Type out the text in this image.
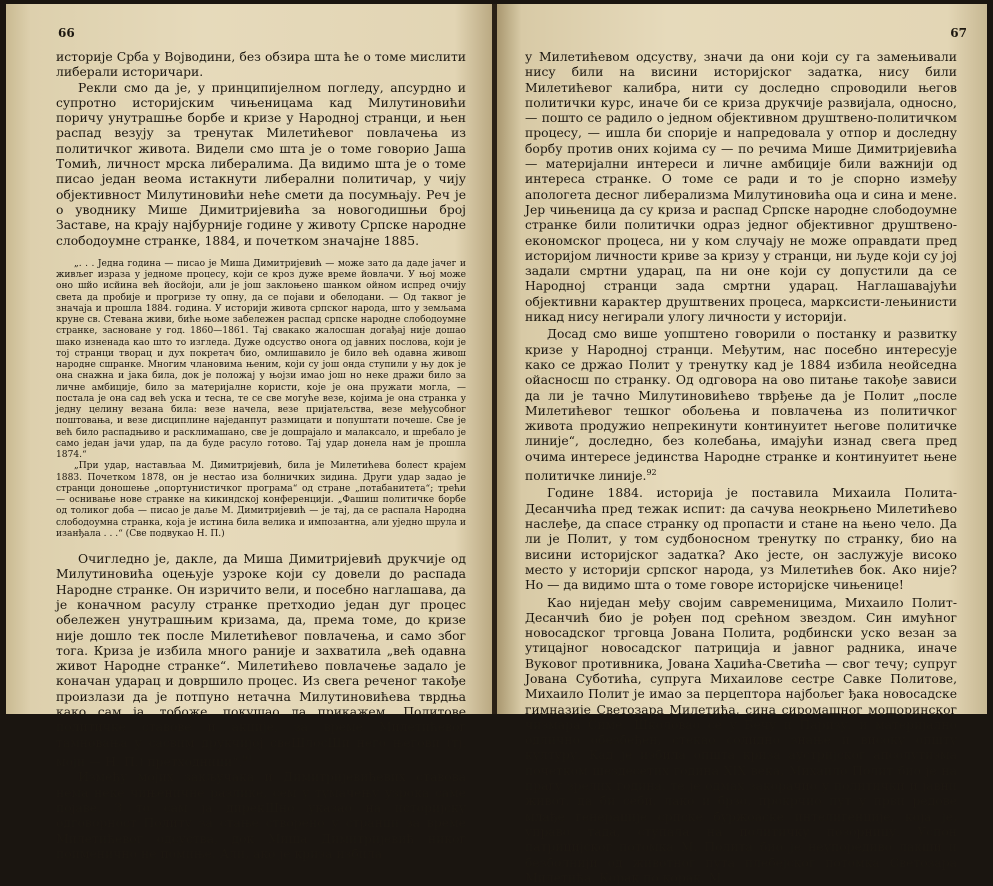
66

историје Срба у Војводини, без обзира шта ће о томе мислити либерали историчари.

Рекли смо да је, у принципијелном погледу, апсурдно и супротно историјским чињеницама кад Милутиновићи поричу унутрашње борбе и кризе у Народној странци, и њен распад везују за тренутак Милетићевог повлачења из политичког живота. Видели смо шта је о томе говорио Јаша Томић, личност мрска либералима. Да видимо шта је о томе писао један веома истакнути либерални политичар, у чију објективност Милутиновићи неће смети да посумњају. Реч је о уводнику Мише Димитријевића за новогодишњи број Заставе, на крају најбурније године у животу Српске народне слободоумне странке, 1884, и почетком значајне 1885.

„. . . Једна година — писао је Миша Димитријевић — може зато да даде јачег и живљег израза у једноме процесу, који се кроз дуже време йовлачи. У њој може оно шйо исйина већ йосйоји, али је још заклоњено шанком ойном испред очију света да пробије и прогризе ту опну, да се појави и обелодани. — Од таквог је значаја и прошла 1884. година. У историји живота српског народа, што у земљама круне св. Стевана живи, биће њоме забележен распад српске народне слободоумне странке, засноване у год. 1860—1861. Тај свакако жалосшан догађај није дошао шако изненада као што то изгледа. Дуже одсуство онога од јавних послова, који је тој странци творац и дух покретач био, омлишавило је било већ одавна живош народне сшранке. Многим члановима њеним, који су још онда ступили у њу док је она снажна и јака била, док је положај у њојзи имао још но неке дражи било за личне амбиције, било за материјалне користи, које је она пружати могла, — постала је она сад већ уска и тесна, те се све могуће везе, којима је она странка у једну целину везана била: везе начела, везе пријатељства, везе међусобног поштовања, и везе дисциплине наједанпут размицати и попуштати почеше. Све је већ било распадњиво и расклимашано, све је дошрајало и малаксало, и шребало је само један јачи удар, па да буде расуло готово. Тај удар донела нам је прошла 1874.“

„При удар, настављаа М. Димитријевић, била је Милетићева болест крајем 1883. Почетком 1878, он је нестао иза болничких зидина. Други удар задао је странци доношење „опортунистичког програма“ од стране „потабанитета“; трећи — оснивање нове странке на кикиндској конференцији. „Фашиш политичке борбе од толиког доба — писао је даље М. Димитријевић — је тај, да се распала Народна слободоумна странка, која је истина била велика и импозантна, али уједно шрула и изанђала . . .“ (Све подвукао Н. П.)

Очигледно је, дакле, да Миша Димитријевић друкчије од Милутиновића оцењује узроке који су довели до распада Народне странке. Он изричито вели, и посебно наглашава, да је коначном расулу странке претходио један дуг процес обележен унутрашњим кризама, да, према томе, до кризе није дошло тек после Милетићевог повлачења, и само због тога. Криза је избила много раније и захватила „већ одавна живот Народне странке“. Милетићево повлачење задало је коначан ударац и довршило процес. Из свега реченог такође произлази да је потпуно нетачна Милутиновићева тврдња како сам ја, тобоже, покушао да прикажем „Политове политичке ставове и акције, за време Милетићевог тамновања у сасвим друкчијој свеШлосШи него његови (тј. моји — Н. П.) претходници“.$^{91}$

Између мојих закључака и Димитријевићевих ставова нема неке чињеничне разлике, сем у тумачењу узрока саме појаве. З то сам ја дирекШно указао на историјску одговорност Политу за стање створено у странци за време Милетићевог одсуства, док Миша Димитријевић никог поименично не помиње. Али, ако је криза избила

67

у Милетићевом одсуству, значи да они који су га замењивали нису били на висини историјског задатка, нису били Милетићевог калибра, нити су доследно спроводили његов политички курс, иначе би се криза друкчије развијала, односно, — пошто се радило о једном објективном друштвено-политичком процесу, — ишла би спорије и напредовала у отпор и доследну борбу против оних којима су — по речима Мише Димитријевића — материјални интереси и личне амбиције били важнији од интереса странке. О томе се ради и то је спорно између апологета десног либерализма Милутиновића оца и сина и мене. Јер чињеница да су криза и распад Српске народне слободоумне странке били политички одраз једног објективног друштвено-економског процеса, ни у ком случају не може оправдати пред историјом личности криве за кризу у странци, ни људе који су јој задали смртни ударац, па ни оне који су допустили да се Народној странци зада смртни ударац. Наглашавајући објективни карактер друштвених процеса, марксисти-лењинисти никад нису негирали улогу личности у историји.

Досад смо више уопштено говорили о постанку и развитку кризе у Народној странци. Међутим, нас посебно интересује како се држао Полит у тренутку кад је 1884 избила неойседна ойасносш по странку. Од одговора на ово питање такође зависи да ли је тачно Милутиновићево тврђење да је Полит „после Милетићевог тешког обољења и повлачења из политичког живота продужио непрекинути континуитет његове политичке линије“, доследно, без колебања, имајући изнад свега пред очима интересе јединства Народне странке и континуитет њене политичке линије.$^{92}$

Године 1884. историја је поставила Михаила Полита-Десанчића пред тежак испит: да сачува неокрњено Милетићево наслеђе, да спасе странку од пропасти и стане на њено чело. Да ли је Полит, у том судбоносном тренутку по странку, био на висини историјског задатка? Ако јесте, он заслужује високо место у историји српског народа, уз Милетићев бок. Ако није? Но — да видимо шта о томе говоре историјске чињенице!

Као ниједан међу својим савременицима, Михаило Полит-Десанчић био је рођен под срећном звездом. Син имућног новосадског трговца Јована Полита, родбински уско везан за утицајног новосадског патриција и јавног радника, иначе Вуковог противника, Јована Хаџића-Светића — свог течу; супруг Јована Суботића, супруга Михаилове сестре Савке Политове, Михаило Полит је имао за перцептора најбољег ђака новосадске гимназије Светозара Милетића, сина сиромашног мошоринског чизмара Симе. Школовао се у Бечу и Паризу, и материјално одлично обезбеђен, стекао солидно знање и високу општу културу. Кад је избила општа криза аустријског апсолутизма почетком шездесетих година XIX века, Михаило Полит био је на прагу зрелих година, те је одмах закорачио у политички и јавни живот, да би себи, лако и брзо, прокрчио пут у први редове млађе генерације српске буржоаске интелигенције, која је, управо тада, ступала на политичку позорницу. Успон патрицијског потомка М. Полита био је неупоредиво лакши и безболнији од животног пута плебејског потомка Светозара Милетића. Корак по корак, М.
